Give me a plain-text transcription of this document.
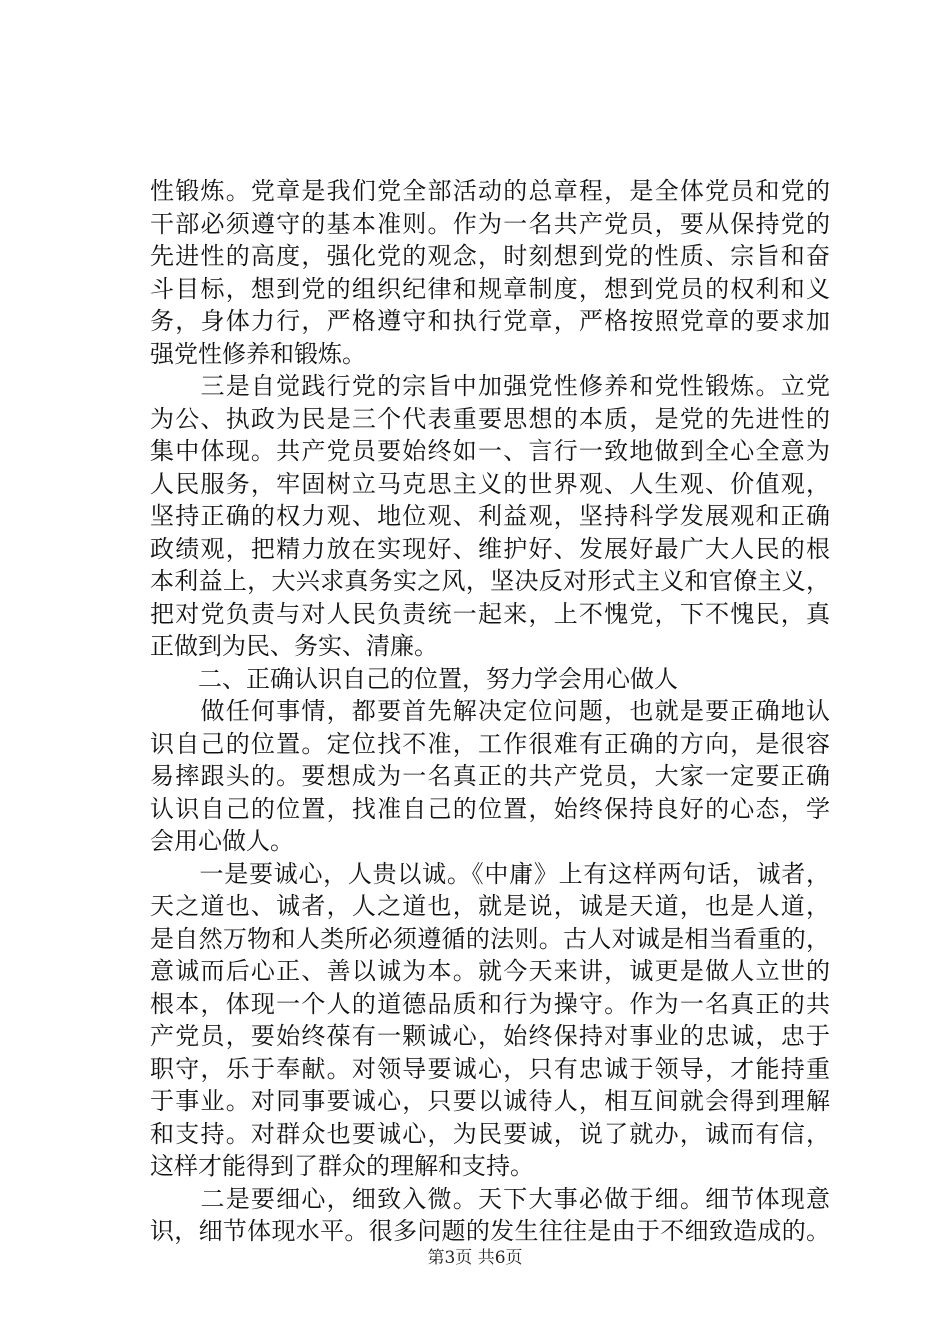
性锻炼。党章是我们党全部活动的总章程，是全体党员和党的
干部必须遵守的基本准则。作为一名共产党员，要从保持党的
先进性的高度，强化党的观念，时刻想到党的性质、宗旨和奋
斗目标，想到党的组织纪律和规章制度，想到党员的权利和义
务，身体力行，严格遵守和执行党章，严格按照党章的要求加
强党性修养和锻炼。
　　三是自觉践行党的宗旨中加强党性修养和党性锻炼。立党
为公、执政为民是三个代表重要思想的本质，是党的先进性的
集中体现。共产党员要始终如一、言行一致地做到全心全意为
人民服务，牢固树立马克思主义的世界观、人生观、价值观，
坚持正确的权力观、地位观、利益观，坚持科学发展观和正确
政绩观，把精力放在实现好、维护好、发展好最广大人民的根
本利益上，大兴求真务实之风，坚决反对形式主义和官僚主义，
把对党负责与对人民负责统一起来，上不愧党，下不愧民，真
正做到为民、务实、清廉。
　　二、正确认识自己的位置，努力学会用心做人
　　做任何事情，都要首先解决定位问题，也就是要正确地认
识自己的位置。定位找不准，工作很难有正确的方向，是很容
易摔跟头的。要想成为一名真正的共产党员，大家一定要正确
认识自己的位置，找准自己的位置，始终保持良好的心态，学
会用心做人。
　　一是要诚心，人贵以诚。《中庸》上有这样两句话，诚者，
天之道也、诚者，人之道也，就是说，诚是天道，也是人道，
是自然万物和人类所必须遵循的法则。古人对诚是相当看重的，
意诚而后心正、善以诚为本。就今天来讲，诚更是做人立世的
根本，体现一个人的道德品质和行为操守。作为一名真正的共
产党员，要始终葆有一颗诚心，始终保持对事业的忠诚，忠于
职守，乐于奉献。对领导要诚心，只有忠诚于领导，才能持重
于事业。对同事要诚心，只要以诚待人，相互间就会得到理解
和支持。对群众也要诚心，为民要诚，说了就办，诚而有信，
这样才能得到了群众的理解和支持。
　　二是要细心，细致入微。天下大事必做于细。细节体现意
识，细节体现水平。很多问题的发生往往是由于不细致造成的。
第3页 共6页
